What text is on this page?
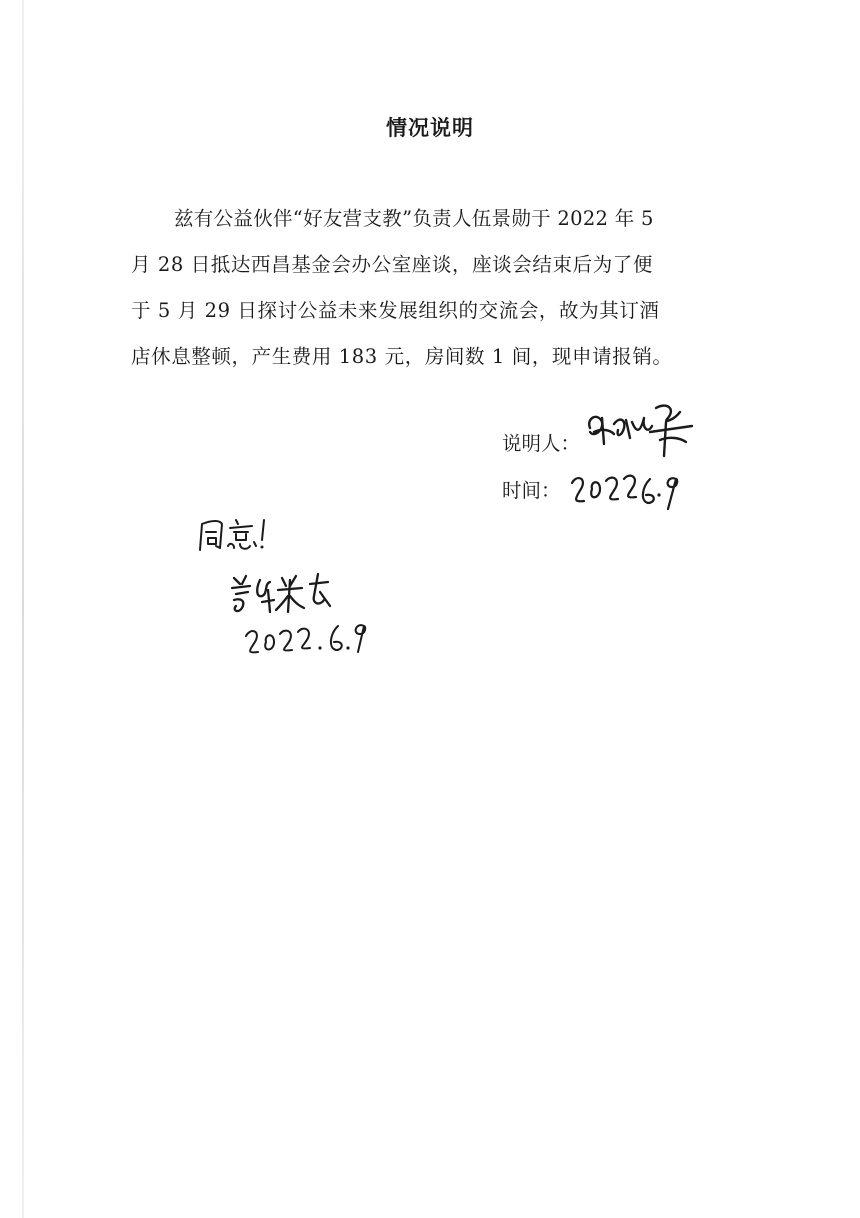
情况说明
兹有公益伙伴“好友营支教”负责人伍景勋于 2022 年 5
月 28 日抵达西昌基金会办公室座谈，座谈会结束后为了便
于 5 月 29 日探讨公益未来发展组织的交流会，故为其订酒
店休息整顿，产生费用 183 元，房间数 1 间，现申请报销。
说明人：
时间：
